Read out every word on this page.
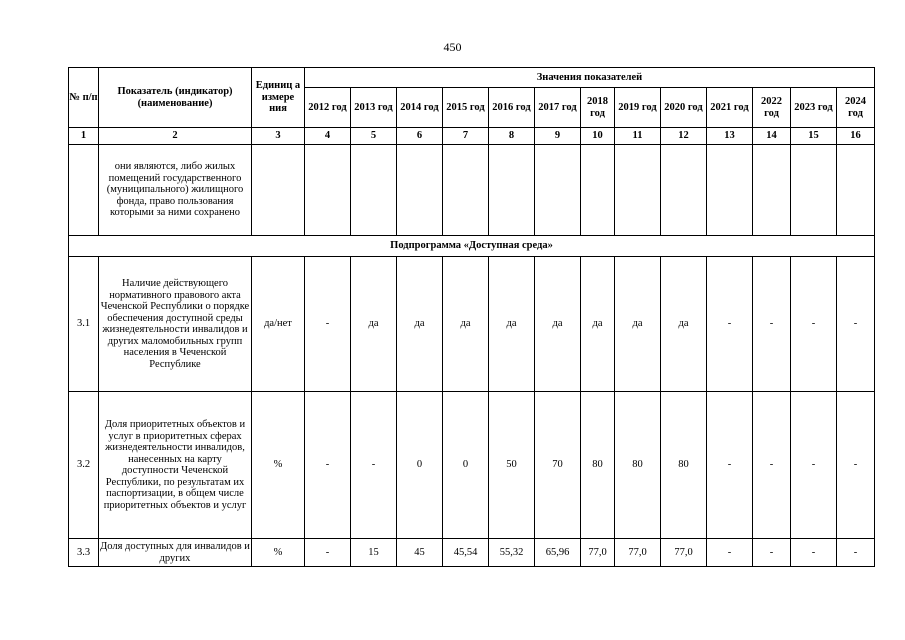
450
№ п/п	Показатель (индикатор) (наименование)	Единиц а измере ния	Значения показателей												
			2012 год	2013 год	2014 год	2015 год	2016 год	2017 год	2018 год	2019 год	2020 год	2021 год	2022 год	2023 год	2024 год
1	2	3	4	5	6	7	8	9	10	11	12	13	14	15	16
	они являются, либо жилых помещений государственного (муниципального) жилищного фонда, право пользования которыми за ними сохранено														
Подпрограмма «Доступная среда»															
3.1	Наличие действующего нормативного правового акта Чеченской Республики о порядке обеспечения доступной среды жизнедеятельности инвалидов и других маломобильных групп населения в Чеченской Республике	да/нет	-	да	да	да	да	да	да	да	да	-	-	-	-
3.2	Доля приоритетных объектов и услуг в приоритетных сферах жизнедеятельности инвалидов, нанесенных на карту доступности Чеченской Республики, по результатам их паспортизации, в общем числе приоритетных объектов и услуг	%	-	-	0	0	50	70	80	80	80	-	-	-	-
3.3	Доля доступных для инвалидов и других	%	-	15	45	45,54	55,32	65,96	77,0	77,0	77,0	-	-	-	-
